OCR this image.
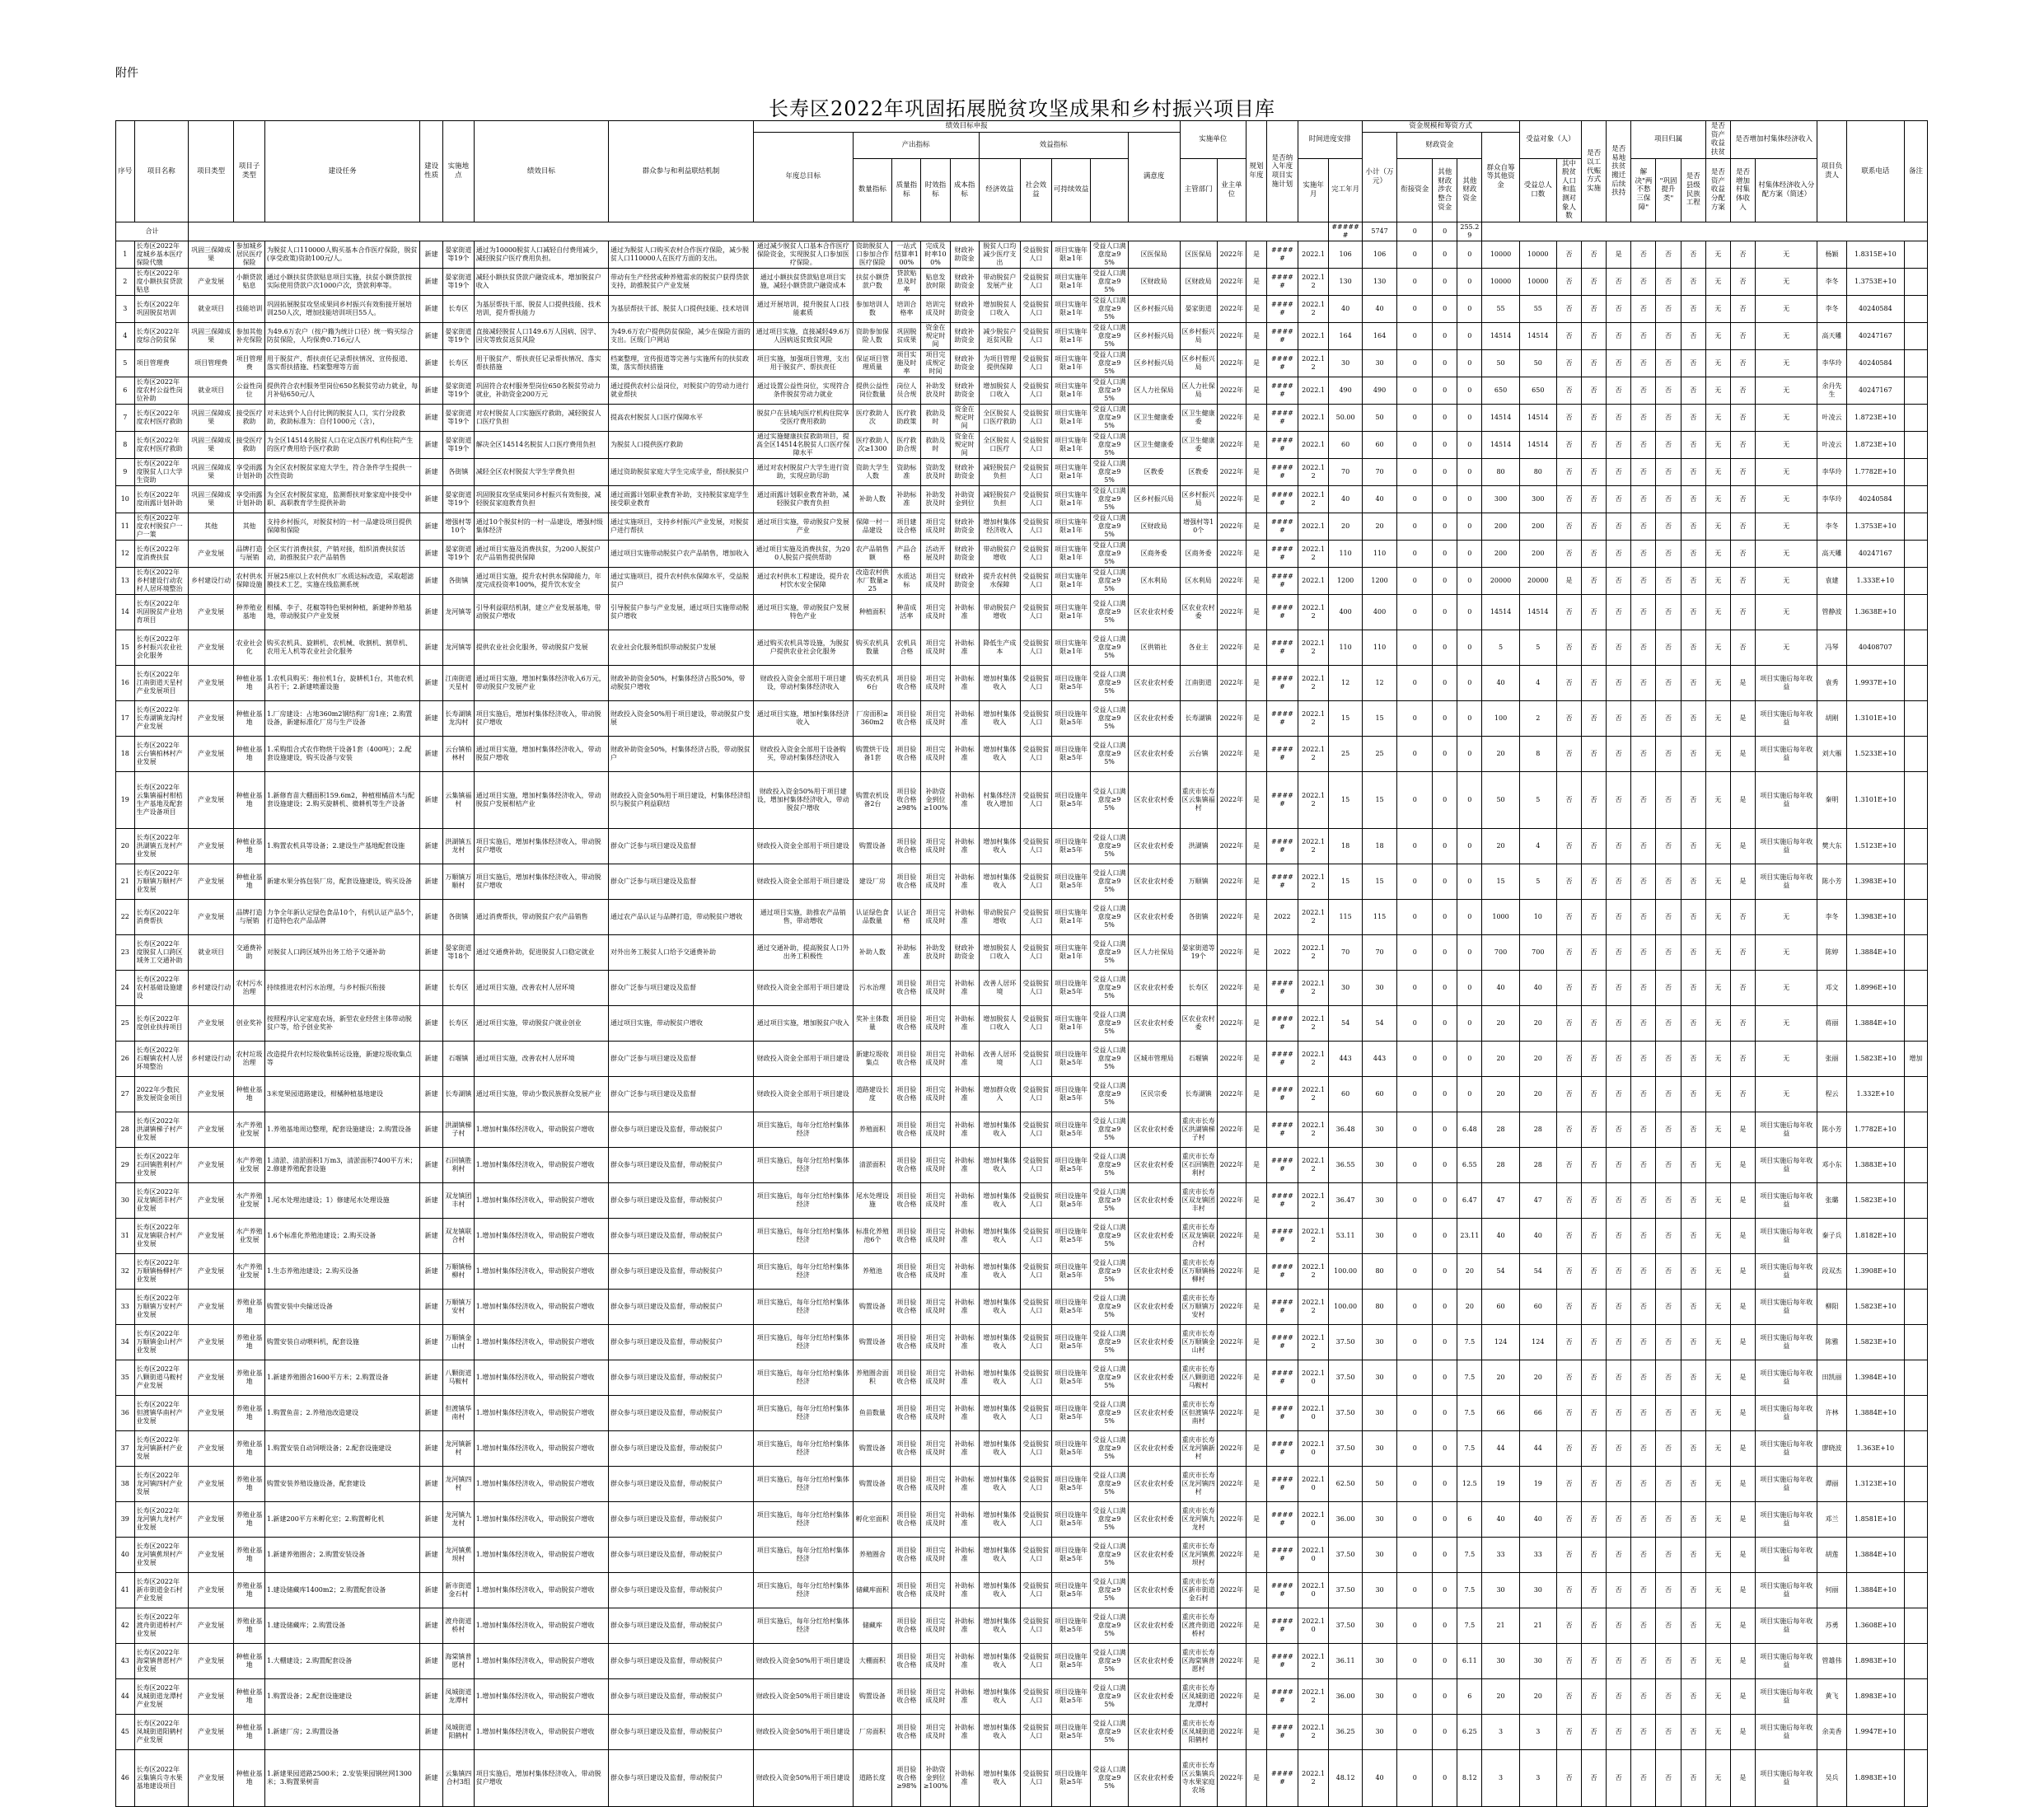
附件
长寿区2022年巩固拓展脱贫攻坚成果和乡村振兴项目库
序号	项目名称	项目类型	项目子类型	建设任务	建设性质	实施地点	绩效目标	群众参与和利益联结机制	绩效目标申报										实施单位		规划年度	是否纳入年度项目实施计划	时间进度安排		资金规模和筹资方式					受益对象（人）		是否以工代赈方式实施	是否易地扶贫搬迁后续扶持	项目归属			是否资产收益扶贫	是否增加村集体经济收入		项目负责人	联系电话	备注
									年度总目标	产出指标				效益指标				满意度							小计（万元）	财政资金			群众自筹等其他资金													
										数量指标	质量指标	时效指标	成本指标	经济效益	社会效益	可持续效益			主管部门	业主单位			实施年月	完工年月		衔接资金	其他财政涉农整合资金	其他财政资金		受益总人口数	其中脱贫人口和监测对象人数			解决"两不愁三保障"	"巩固提升类"	是否县级民族工程	是否资产收益分配方案	是否增加村集体收入	村集体经济收入分配方案（简述）			

合计																								######	5747	0	0	255.29														
1	长寿区2022年度城乡基本医疗保险代缴	巩固三保障成果	参加城乡居民医疗保险	为脱贫人口110000人购买基本合作医疗保险，脱贫(享受政策)资助100元/人。	新建	晏家街道等19个	通过为10000脱贫人口减轻自付费用减少，减轻脱贫户医疗费用负担。	通过为脱贫人口购买农村合作医疗保险，减少脱贫人口110000人在医疗方面的支出。	通过减少脱贫人口基本合作医疗保险资金，实现脱贫人口参加医疗保险。	资助脱贫人口参加合作医疗保险	一站式结算率100%	完成及时率100%	财政补助资金	脱贫人口均减少医疗支出	受益脱贫人口	项目实施年限≥1年	受益人口满意度≥95%	区医保局	区医保局	2022年	是	#####	2022.1	106	106	0	0	0	10000	10000	否	否	是	否	否	否	无	否	无	杨颖	1.8315E+10	
2	长寿区2022年度小额扶贫贷款贴息	产业发展	小额贷款贴息	通过小额扶贫贷款贴息项目实施，扶贫小额贷款按实际使用贷款户次1000户次，贷款利率等。	新建	晏家街道等19个	减轻小额扶贫贷款户融资成本，增加脱贫户收入	带动有生产经营或种养殖需求的脱贫户获得贷款支持，助推脱贫户产业发展	通过小额扶贫贷款贴息项目实施，减轻小额贷款户融资成本	扶贫小额贷款户数	贷款贴息及时率	贴息发放时限	财政补助资金	带动脱贫户发展产业	受益脱贫人口	项目实施年限≥1年	受益人口满意度≥95%	区财政局	区财政局	2022年	是	#####	2022.12	130	130	0	0	0	10000	10000	否	否	否	否	否	否	无	否	无	李冬	1.3753E+10	
3	长寿区2022年巩固脱贫培训	就业项目	技能培训	巩固拓展脱贫攻坚成果同乡村振兴有效衔接开展培训250人次，增加技能培训项目55人。	新建	长寿区	为基层帮扶干部、脱贫人口提供技能、技术培训，提升帮扶能力	为基层帮扶干部、脱贫人口提供技能、技术培训	通过开展培训，提升脱贫人口技能素质	参加培训人数	培训合格率	培训完成及时	财政补助资金	增加脱贫人口收入	受益脱贫人口	项目实施年限≥1年	受益人口满意度≥95%	区乡村振兴局	晏家街道	2022年	是	#####	2022.12	40	40	0	0	0	55	55	否	否	否	否	否	否	无	否	无	李冬	40240584	
4	长寿区2022年度综合防贫保	巩固三保障成果	参加其他补充保险	为49.6万农户（按户籍为统计口径）统一购买综合防贫保险，人均保费0.716元/人	新建	晏家街道等19个	直接减轻脱贫人口149.6万人因病、因学、因灾等致贫返贫风险	为49.6万农户提供防贫保险，减少在保险方面的支出。区级门户网站	通过项目实施，直接减轻49.6万人因病返贫致贫风险	资助参加保险人数	巩固脱贫成果	资金在规定时间	财政补助资金	减少脱贫户返贫风险	受益脱贫人口	项目实施年限≥1年	受益人口满意度≥95%	区乡村振兴局	区乡村振兴局	2022年	是	#####	2022.1	164	164	0	0	0	14514	14514	否	否	否	否	否	否	无	否	无	高天雕	40247167	
5	项目管理费	项目管理费	项目管理费	用于脱贫产、帮扶责任记录帮扶情况、宣传报道、落实帮扶措施、档案整理等方面	新建	长寿区	用于脱贫产、帮扶责任记录帮扶情况、落实帮扶措施	档案整理，宣传报道等完善与实施所有的扶贫政策，落实帮扶措施	项目实施，加强项目管理，支出用于脱贫产、帮扶责任	保证项目管理质量	项目实施及时率	项目完成规定时间	财政补助资金	为项目管理提供保障	受益脱贫人口	项目实施年限≥1年	受益人口满意度≥95%	区乡村振兴局	区乡村振兴局	2022年	是	#####	2022.12	30	30	0	0	0	50	50	否	否	否	否	否	否	无	否	无	李华玲	40240584	
6	长寿区2022年度农村公益性岗位补助	就业项目	公益性岗位	提供符合农村服务型岗位650名脱贫劳动力就业，每月补贴650元/人	新建	晏家街道等19个	巩固符合农村服务型岗位650名脱贫劳动力就业，补助资金200万元	通过提供农村公益岗位，对脱贫户的劳动力进行就业帮扶	通过设置公益性岗位，实现符合条件脱贫劳动力就业	提供公益性岗位数量	岗位人员合规	补助发放及时	财政补助资金	增加脱贫人口收入	受益脱贫人口	项目实施年限≥1年	受益人口满意度≥95%	区人力社保局	区人力社保局	2022年	是	#####	2022.1	490	490	0	0	0	650	650	否	否	否	否	否	否	无	否	无	余丹先生	40247167	
7	长寿区2022年度农村医疗救助	巩固三保障成果	接受医疗救助	对未达到个人自付比例的脱贫人口，实行分段救助，救助标准为：自付1000元（含），	新建	晏家街道等19个	对农村脱贫人口实施医疗救助，减轻脱贫人口医疗负担	提高农村脱贫人口医疗保障水平	脱贫户在县域内医疗机构住院享受医疗费用救助	医疗救助人次	医疗救助政策	救助及时	资金在规定时间	全区脱贫人口医疗救助	受益脱贫人口	项目实施年限≥1年	受益人口满意度≥95%	区卫生健康委	区卫生健康委	2022年	是	#####	2022.1	50.00	50	0	0	0	14514	14514	否	否	否	否	否	否	无	否	无	叶凌云	1.8723E+10	
8	长寿区2022年度农村医疗救助	巩固三保障成果	接受医疗救助	为全区14514名脱贫人口在定点医疗机构住院产生的医疗费用给予医疗救助	新建	晏家街道等19个	解决全区14514名脱贫人口医疗费用负担	为脱贫人口提供医疗救助	通过实施健康扶贫救助项目，提高全区14514名脱贫人口医疗保障水平	医疗救助人次≥1300	医疗救助合规	救助及时	资金在规定时间	全区脱贫人口医疗	受益脱贫人口	项目实施年限≥1年	受益人口满意度≥95%	区卫生健康委	区卫生健康委	2022年	是	#####	2022.1	60	60	0	0	0	14514	14514	否	否	否	否	否	否	无	否	无	叶凌云	1.8723E+10	
9	长寿区2022年度脱贫人口大学生资助	巩固三保障成果	享受雨露计划补助	为全区农村脱贫家庭大学生，符合条件学生提供一次性资助	新建	各街镇	减轻全区农村脱贫大学生学费负担	通过资助脱贫家庭大学生完成学业，帮扶脱贫户	通过对农村脱贫户大学生进行资助，实现应助尽助	资助大学生人数	资助标准	资助发放及时	财政补助资金	减轻脱贫户负担	受益脱贫人口	项目实施年限≥1年	受益人口满意度≥95%	区教委	区教委	2022年	是	#####	2022.12	70	70	0	0	0	80	80	否	否	否	否	否	否	无	否	无	李华玲	1.7782E+10	
10	长寿区2022年度雨露计划补助	巩固三保障成果	享受雨露计划补助	为全区农村脱贫家庭，监测帮扶对象家庭中接受中职、高职教育学生提供补助	新建	晏家街道等19个	巩固脱贫攻坚成果同乡村振兴有效衔接，减轻脱贫家庭教育负担	通过雨露计划职业教育补助，支持脱贫家庭学生接受职业教育	通过雨露计划职业教育补助，减轻脱贫户教育负担	补助人数	补助标准	补助发放及时	补助资金到位	减轻脱贫户负担	受益脱贫人口	项目实施年限≥1年	受益人口满意度≥95%	区乡村振兴局	区乡村振兴局	2022年	是	#####	2022.12	40	40	0	0	0	300	300	否	否	否	否	否	否	无	否	无	李华玲	40240584	
11	长寿区2022年度农村脱贫户一户一策	其他	其他	支持乡村振兴，对脱贫村的一村一品建设项目提供保障和保险	新建	增强村等10个	通过10个脱贫村的一村一品建设，增强村级集体经济	通过实施项目，支持乡村振兴产业发展，对脱贫户进行帮扶	通过项目实施，带动脱贫户发展产业	保障一村一品建设	项目建设合格	项目完成及时	财政补助资金	增加村集体经济收入	受益脱贫人口	项目实施年限≥1年	受益人口满意度≥95%	区财政局	增强村等10个	2022年	是	#####	2022.1	20	20	0	0	0	200	200	否	否	否	否	否	否	无	否	无	李冬	1.3753E+10	
12	长寿区2022年度消费扶贫	产业发展	品牌打造与展销	全区实行消费扶贫，产销对接，组织消费扶贫活动，助推脱贫户农产品销售	新建	晏家街道等19个	通过项目实施及消费扶贫，为200人脱贫户农产品销售提供保障	通过项目实施带动脱贫户农产品销售，增加收入	通过项目实施及消费扶贫，为200人脱贫户提供帮助	农产品销售额	产品合格	活动开展及时	财政补助资金	带动脱贫户增收	受益脱贫人口	项目实施年限≥1年	受益人口满意度≥95%	区商务委	区商务委	2022年	是	#####	2022.12	110	110	0	0	0	200	200	否	否	否	否	否	否	无	否	无	高天雕	40247167	
13	长寿区2022年乡村建设行动农村人居环境整治	乡村建设行动	农村供水保障设施	开展25座以上农村供水厂水质达标改造，采取超滤膜技术工艺，实施在线监测系统	新建	各街镇	通过项目实施，提升农村供水保障能力，年度完成投资率100%，提升饮水安全	通过实施项目，提升农村供水保障水平，受益脱贫户	通过农村供水工程建设，提升农村饮水安全保障	改造农村供水厂数量≥25	水质达标	项目完成及时	财政补助资金	提升农村供水保障	受益脱贫人口	项目实施年限≥1年	受益人口满意度≥95%	区水利局	区水利局	2022年	是	#####	2022.1	1200	1200	0	0	0	20000	20000	是	否	否	否	否	否	无	否	无	袁建	1.333E+10	
14	长寿区2022年巩固脱贫产业培育项目	产业发展	种养殖业基地	柑橘、李子、花椒等特色果树种植，新建种养殖基地，带动脱贫户产业发展	新建	龙河镇等	引导利益联结机制，建立产业发展基地，带动脱贫户增收	引导脱贫户参与产业发展，通过项目实施带动脱贫户增收	通过项目实施，带动脱贫户发展特色产业	种植面积	种苗成活率	项目完成及时	补助标准	带动脱贫户增收	受益脱贫人口	项目实施年限≥1年	受益人口满意度≥95%	区农业农村委	区农业农村委	2022年	是	#####	2022.12	400	400	0	0	0	14514	14514	否	否	否	否	否	否	无	否	无	管静波	1.3638E+10	
15	长寿区2022年乡村振兴农业社会化服务	产业发展	农业社会化	购买农机具、旋耕机、农机械、收割机、割草机、农用无人机等农业社会化服务	新建	龙河镇等	提供农业社会化服务，带动脱贫户发展	农业社会化服务组织带动脱贫户发展	通过购买农机具等设施，为脱贫户提供农业社会化服务	购买农机具数量	农机具合格	项目完成及时	补助标准	降低生产成本	受益脱贫人口	项目实施年限≥1年	受益人口满意度≥95%	区供销社	各业主	2022年	是	#####	2022.12	110	110	0	0	0	5	5	否	否	否	否	否	否	无	否	无	冯琴	40408707	
16	长寿区2022年江南街道天星村产业发展项目	产业发展	种植业基地	1.农机具购买：拖拉机1台，旋耕机1台，其他农机具若干；2.新建喷灌设施	新建	江南街道天星村	通过项目实施，增加村集体经济收入6万元，带动脱贫户发展产业	财政补助资金50%，村集体经济占股50%，带动脱贫户增收	财政投入资金全部用于项目建设，带动村集体经济收入	购买农机具6台	项目验收合格	项目完成及时	补助标准	增加村集体收入	受益脱贫人口	项目设施年限≥5年	受益人口满意度≥95%	区农业农村委	江南街道	2022年	是	#####	2022.12	12	12	0	0	0	40	4	否	否	否	否	否	否	无	是	项目实施后每年收益	袁秀	1.9937E+10	
17	长寿区2022年长寿湖镇龙沟村产业发展	产业发展	种植业基地	1.厂房建设：占地360m2钢结构厂房1座；2.购置设备，新建标准化厂房与生产设备	新建	长寿湖镇龙沟村	项目实施后，增加村集体经济收入，带动脱贫户增收	财政投入资金50%用于项目建设，带动脱贫户发展	通过项目实施，增加村集体经济收入	厂房面积≥360m2	项目验收合格	项目完成及时	补助标准	增加村集体收入	受益脱贫人口	项目设施年限≥5年	受益人口满意度≥95%	区农业农村委	长寿湖镇	2022年	是	#####	2022.12	15	15	0	0	0	100	2	否	否	否	否	否	否	无	是	项目实施后每年收益	胡刚	1.3101E+10	
18	长寿区2022年云台镇柏林村产业发展	产业发展	种植业基地	1.采购组合式农作物烘干设备1套（400吨）；2.配套设施建设，购买设备与安装	新建	云台镇柏林村	通过项目实施，增加村集体经济收入，带动脱贫户增收	财政补助资金50%，村集体经济占股，带动脱贫户	财政投入资金全部用于设备购买，带动村集体经济收入	购置烘干设备1套	项目验收合格	项目完成及时	补助标准	增加村集体收入	受益脱贫人口	项目设施年限≥5年	受益人口满意度≥95%	区农业农村委	云台镇	2022年	是	#####	2022.12	25	25	0	0	0	20	8	否	否	否	否	否	否	无	是	项目实施后每年收益	刘大雁	1.5233E+10	
19	长寿区2022年云集镇福村柑桔生产基地及配套生产设备项目	产业发展	种植业基地	1.新修育苗大棚面积159.6m2，种植柑橘苗木与配套设施建设；2.购买旋耕机、微耕机等生产设备	新建	云集镇福村	通过项目实施，增加村集体经济收入，带动脱贫户发展柑桔产业	财政投入资金50%用于项目建设，村集体经济组织与脱贫户利益联结	财政投入资金50%用于项目建设，增加村集体经济收入，带动脱贫户增收	购置农机设备2台	项目验收合格≥98%	补助资金到位≥100%	补助标准	村集体经济收入增加	受益脱贫人口	项目设施年限≥5年	受益人口满意度≥95%	区农业农村委	重庆市长寿区云集镇福村	2022年	是	#####	2022.12	15	15	0	0	0	50	5	否	否	否	否	否	否	无	是	项目实施后每年收益	秦明	1.3101E+10	
20	长寿区2022年洪湖镇五龙村产业发展	产业发展	种植业基地	1.购置农机具等设备；2.建设生产基地配套设施	新建	洪湖镇五龙村	项目实施后，增加村集体经济收入，带动脱贫户增收	群众广泛参与项目建设及监督	财政投入资金全部用于项目建设	购置设备	项目验收合格	项目完成及时	补助标准	增加村集体收入	受益脱贫人口	项目设施年限≥5年	受益人口满意度≥95%	区农业农村委	洪湖镇	2022年	是	#####	2022.12	18	18	0	0	0	20	4	否	否	否	否	否	否	无	是	项目实施后每年收益	樊大东	1.5123E+10	
21	长寿区2022年万顺镇万顺村产业发展	产业发展	种植业基地	新建水果分拣包装厂房，配套设施建设，购买设备	新建	万顺镇万顺村	项目实施后，增加村集体经济收入，带动脱贫户增收	群众广泛参与项目建设及监督	财政投入资金全部用于项目建设	建设厂房	项目验收合格	项目完成及时	补助标准	增加村集体收入	受益脱贫人口	项目设施年限≥5年	受益人口满意度≥95%	区农业农村委	万顺镇	2022年	是	#####	2022.12	15	15	0	0	0	15	5	否	否	否	否	否	否	无	是	项目实施后每年收益	陈小芳	1.3983E+10	
22	长寿区2022年消费帮扶	产业发展	品牌打造与展销	力争全年新认定绿色食品10个，有机认证产品5个，打造特色农产品品牌	新建	各街镇	通过消费帮扶，带动脱贫户农产品销售	通过农产品认证与品牌打造，带动脱贫户增收	通过项目实施，助推农产品销售，带动增收	认证绿色食品数量	认证合格	项目完成及时	补助标准	带动脱贫户增收	受益脱贫人口	项目实施年限≥1年	受益人口满意度≥95%	区农业农村委	各街镇	2022年	是	2022	2022.12	115	115	0	0	0	1000	10	否	否	否	否	否	否	无	否	无	李冬	1.3983E+10	
23	长寿区2022年度脱贫人口跨区域务工交通补助	就业项目	交通费补助	对脱贫人口跨区域外出务工给予交通补助	新建	晏家街道等18个	通过交通费补助，促进脱贫人口稳定就业	对外出务工脱贫人口给予交通费补助	通过交通补助，提高脱贫人口外出务工积极性	补助人数	补助标准	补助发放及时	财政补助资金	增加脱贫人口收入	受益脱贫人口	项目实施年限≥1年	受益人口满意度≥95%	区人力社保局	晏家街道等19个	2022年	是	2022	2022.12	70	70	0	0	0	700	700	否	否	否	否	否	否	无	否	无	陈婷	1.3884E+10	
24	长寿区2022年农村基础设施建设	乡村建设行动	农村污水治理	持续推进农村污水治理，与乡村振兴衔接	新建	长寿区	通过项目实施，改善农村人居环境	群众广泛参与项目建设及监督	财政投入资金全部用于项目建设	污水治理	项目验收合格	项目完成及时	补助标准	改善人居环境	受益脱贫人口	项目设施年限≥5年	受益人口满意度≥95%	区农业农村委	长寿区	2022年	是	#####	2022.12	30	30	0	0	0	40	40	否	否	否	否	否	否	无	否	无	邓文	1.8996E+10	
25	长寿区2022年度创业扶持项目	产业发展	创业奖补	按照程序认定家庭农场，新型农业经营主体带动脱贫户等，给予创业奖补	新建	长寿区	通过项目实施，带动脱贫户就业创业	通过项目实施，带动脱贫户增收	通过项目实施，增加脱贫户收入	奖补主体数量	项目验收合格	项目完成及时	补助标准	增加脱贫人口收入	受益脱贫人口	项目实施年限≥1年	受益人口满意度≥95%	区农业农村委	区农业农村委	2022年	是	#####	2022.12	54	54	0	0	0	20	20	否	否	否	否	否	否	无	否	无	蒋丽	1.3884E+10	
26	长寿区2022年石堰镇农村人居环境整治	乡村建设行动	农村垃圾治理	改造提升农村垃圾收集转运设施，新建垃圾收集点等	新建	石堰镇	通过项目实施，改善农村人居环境	群众广泛参与项目建设及监督	财政投入资金全部用于项目建设	新建垃圾收集点	项目验收合格	项目完成及时	补助标准	改善人居环境	受益脱贫人口	项目设施年限≥5年	受益人口满意度≥95%	区城市管理局	石堰镇	2022年	是	#####	2022.12	443	443	0	0	0	20	20	否	否	否	否	否	否	无	否	无	张丽	1.5823E+10	增加
27	2022年少数民族发展资金项目	产业发展	种植业基地	3米宽果园道路建设，柑橘种植基地建设	新建	长寿湖镇	通过项目实施，带动少数民族群众发展产业	群众广泛参与项目建设及监督	财政投入资金全部用于项目建设	道路建设长度	项目验收合格	项目完成及时	补助标准	增加群众收入	受益脱贫人口	项目设施年限≥5年	受益人口满意度≥95%	区民宗委	长寿湖镇	2022年	是	#####	2022.12	60	60	0	0	0	20	20	否	否	否	否	否	否	无	否	无	程云	1.332E+10	
28	长寿区2022年洪湖镇梯子村产业发展	产业发展	水产养殖业发展	1.养殖基地周边整理，配套设施建设；2.购置设备	新建	洪湖镇梯子村	1.增加村集体经济收入，带动脱贫户增收	群众参与项目建设及监督，带动脱贫户	项目实施后，每年分红给村集体经济	养殖面积	项目验收合格	项目完成及时	补助标准	增加村集体收入	受益脱贫人口	项目设施年限≥5年	受益人口满意度≥95%	区农业农村委	重庆市长寿区洪湖镇梯子村	2022年	是	#####	2022.12	36.48	30	0	0	6.48	28	28	否	否	否	否	否	否	无	是	项目实施后每年收益	陈小芳	1.7782E+10	
29	长寿区2022年石回镇胜利村产业发展	产业发展	水产养殖业发展	1.清淤、清淤面积1万m3，清淤面积7400平方米；2.修建养殖配套设施	新建	石回镇胜利村	1.增加村集体经济收入，带动脱贫户增收	群众参与项目建设及监督，带动脱贫户	项目实施后，每年分红给村集体经济	清淤面积	项目验收合格	项目完成及时	补助标准	增加村集体收入	受益脱贫人口	项目设施年限≥5年	受益人口满意度≥95%	区农业农村委	重庆市长寿区石回镇胜利村	2022年	是	#####	2022.12	36.55	30	0	0	6.55	28	28	否	否	否	否	否	否	无	是	项目实施后每年收益	邓小东	1.3883E+10	
30	长寿区2022年双龙镇团丰村产业发展	产业发展	水产养殖业发展	1.尾水处理池建设；1）修建尾水处理设施	新建	双龙镇团丰村	1.增加村集体经济收入，带动脱贫户增收	群众参与项目建设及监督，带动脱贫户	项目实施后，每年分红给村集体经济	尾水处理设施	项目验收合格	项目完成及时	补助标准	增加村集体收入	受益脱贫人口	项目设施年限≥5年	受益人口满意度≥95%	区农业农村委	重庆市长寿区双龙镇团丰村	2022年	是	#####	2022.12	36.47	30	0	0	6.47	47	47	否	否	否	否	否	否	无	是	项目实施后每年收益	张璐	1.5823E+10	
31	长寿区2022年双龙镇联合村产业发展	产业发展	水产养殖业发展	1.6个标准化养殖池建设；2.购买设备	新建	双龙镇联合村	1.增加村集体经济收入，带动脱贫户增收	群众参与项目建设及监督，带动脱贫户	项目实施后，每年分红给村集体经济	标准化养殖池6个	项目验收合格	项目完成及时	补助标准	增加村集体收入	受益脱贫人口	项目设施年限≥5年	受益人口满意度≥95%	区农业农村委	重庆市长寿区双龙镇联合村	2022年	是	#####	2022.12	53.11	30	0	0	23.11	40	40	否	否	否	否	否	否	无	是	项目实施后每年收益	秦子兵	1.8182E+10	
32	长寿区2022年万顺镇杨柳村产业发展	产业发展	水产养殖业发展	1.生态养殖池建设；2.购买设备	新建	万顺镇杨柳村	1.增加村集体经济收入，带动脱贫户增收	群众参与项目建设及监督，带动脱贫户	项目实施后，每年分红给村集体经济	养殖池	项目验收合格	项目完成及时	补助标准	增加村集体收入	受益脱贫人口	项目设施年限≥5年	受益人口满意度≥95%	区农业农村委	重庆市长寿区万顺镇杨柳村	2022年	是	#####	2022.12	100.00	80	0	0	20	54	54	否	否	否	否	否	否	无	是	项目实施后每年收益	段双杰	1.3908E+10	
33	长寿区2022年万顺镇万安村产业发展	产业发展	养殖业基地	购置安装中央输送设备	新建	万顺镇万安村	1.增加村集体经济收入，带动脱贫户增收	群众参与项目建设及监督，带动脱贫户	项目实施后，每年分红给村集体经济	购置设备	项目验收合格	项目完成及时	补助标准	增加村集体收入	受益脱贫人口	项目设施年限≥5年	受益人口满意度≥95%	区农业农村委	重庆市长寿区万顺镇万安村	2022年	是	#####	2022.12	100.00	80	0	0	20	60	60	否	否	否	否	否	否	无	是	项目实施后每年收益	柳阳	1.5823E+10	
34	长寿区2022年万顺镇金山村产业发展	产业发展	养殖业基地	购置安装自动喂料机，配套设施	新建	万顺镇金山村	1.增加村集体经济收入，带动脱贫户增收	群众参与项目建设及监督，带动脱贫户	项目实施后，每年分红给村集体经济	购置设备	项目验收合格	项目完成及时	补助标准	增加村集体收入	受益脱贫人口	项目设施年限≥5年	受益人口满意度≥95%	区农业农村委	重庆市长寿区万顺镇金山村	2022年	是	#####	2022.12	37.50	30	0	0	7.5	124	124	否	否	否	否	否	否	无	是	项目实施后每年收益	陈雅	1.5823E+10	
35	长寿区2022年八颗街道马鞍村产业发展	产业发展	养殖业基地	1.新建养殖圈舍1600平方米；2.购置设备	新建	八颗街道马鞍村	1.增加村集体经济收入，带动脱贫户增收	群众参与项目建设及监督，带动脱贫户	项目实施后，每年分红给村集体经济	养殖圈舍面积	项目验收合格	项目完成及时	补助标准	增加村集体收入	受益脱贫人口	项目设施年限≥5年	受益人口满意度≥95%	区农业农村委	重庆市长寿区八颗街道马鞍村	2022年	是	#####	2022.10	37.50	30	0	0	7.5	20	20	否	否	否	否	否	否	无	是	项目实施后每年收益	田凯丽	1.3984E+10	
36	长寿区2022年但渡镇华南村产业发展	产业发展	养殖业基地	1.购置鱼苗；2.养殖池改造建设	新建	但渡镇华南村	1.增加村集体经济收入，带动脱贫户增收	群众参与项目建设及监督，带动脱贫户	项目实施后，每年分红给村集体经济	鱼苗数量	项目验收合格	项目完成及时	补助标准	增加村集体收入	受益脱贫人口	项目设施年限≥5年	受益人口满意度≥95%	区农业农村委	重庆市长寿区但渡镇华南村	2022年	是	#####	2022.10	37.50	30	0	0	7.5	66	66	否	否	否	否	否	否	无	是	项目实施后每年收益	许林	1.3884E+10	
37	长寿区2022年龙河镇新村产业发展	产业发展	养殖业基地	1.购置安装自动饲喂设备；2.配套设施建设	新建	龙河镇新村	1.增加村集体经济收入，带动脱贫户增收	群众参与项目建设及监督，带动脱贫户	项目实施后，每年分红给村集体经济	购置设备	项目验收合格	项目完成及时	补助标准	增加村集体收入	受益脱贫人口	项目设施年限≥5年	受益人口满意度≥95%	区农业农村委	重庆市长寿区龙河镇新村	2022年	是	#####	2022.10	37.50	30	0	0	7.5	44	44	否	否	否	否	否	否	无	是	项目实施后每年收益	廖晓波	1.363E+10	
38	长寿区2022年龙河镇四村产业发展	产业发展	养殖业基地	购置安装养殖设施设备，配套建设	新建	龙河镇四村	1.增加村集体经济收入，带动脱贫户增收	群众参与项目建设及监督，带动脱贫户	项目实施后，每年分红给村集体经济	购置设备	项目验收合格	项目完成及时	补助标准	增加村集体收入	受益脱贫人口	项目设施年限≥5年	受益人口满意度≥95%	区农业农村委	重庆市长寿区龙河镇四村	2022年	是	#####	2022.10	62.50	50	0	0	12.5	19	19	否	否	否	否	否	否	无	是	项目实施后每年收益	谭丽	1.3123E+10	
39	长寿区2022年龙河镇九龙村产业发展	产业发展	养殖业基地	1.新建200平方米孵化室；2.购置孵化机	新建	龙河镇九龙村	1.增加村集体经济收入，带动脱贫户增收	群众参与项目建设及监督，带动脱贫户	项目实施后，每年分红给村集体经济	孵化室面积	项目验收合格	项目完成及时	补助标准	增加村集体收入	受益脱贫人口	项目设施年限≥5年	受益人口满意度≥95%	区农业农村委	重庆市长寿区龙河镇九龙村	2022年	是	#####	2022.10	36.00	30	0	0	6	40	40	否	否	否	否	否	否	无	是	项目实施后每年收益	邓兰	1.8581E+10	
40	长寿区2022年龙河镇蕉坝村产业发展	产业发展	养殖业基地	1.新建养殖圈舍；2.购置安装设备	新建	龙河镇蕉坝村	1.增加村集体经济收入，带动脱贫户增收	群众参与项目建设及监督，带动脱贫户	项目实施后，每年分红给村集体经济	养殖圈舍	项目验收合格	项目完成及时	补助标准	增加村集体收入	受益脱贫人口	项目设施年限≥5年	受益人口满意度≥95%	区农业农村委	重庆市长寿区龙河镇蕉坝村	2022年	是	#####	2022.10	37.50	30	0	0	7.5	33	33	否	否	否	否	否	否	无	是	项目实施后每年收益	胡莲	1.3884E+10	
41	长寿区2022年新市街道金石村产业发展	产业发展	养殖业基地	1.建设储藏库1400m2；2.购置配套设备	新建	新市街道金石村	1.增加村集体经济收入，带动脱贫户增收	群众参与项目建设及监督，带动脱贫户	项目实施后，每年分红给村集体经济	储藏库面积	项目验收合格	项目完成及时	补助标准	增加村集体收入	受益脱贫人口	项目设施年限≥5年	受益人口满意度≥95%	区农业农村委	重庆市长寿区新市街道金石村	2022年	是	#####	2022.10	37.50	30	0	0	7.5	30	30	否	否	否	否	否	否	无	是	项目实施后每年收益	何丽	1.3884E+10	
42	长寿区2022年渡舟街道桥村产业发展	产业发展	养殖业基地	1.建设储藏库；2.购置设备	新建	渡舟街道桥村	1.增加村集体经济收入，带动脱贫户增收	群众参与项目建设及监督，带动脱贫户	项目实施后，每年分红给村集体经济	储藏库	项目验收合格	项目完成及时	补助标准	增加村集体收入	受益脱贫人口	项目设施年限≥5年	受益人口满意度≥95%	区农业农村委	重庆市长寿区渡舟街道桥村	2022年	是	#####	2022.10	37.50	30	0	0	7.5	21	21	否	否	否	否	否	否	无	是	项目实施后每年收益	苏勇	1.3608E+10	
43	长寿区2022年海棠镇普愿村产业发展	产业发展	种植业基地	1.大棚建设；2.购置配套设备	新建	海棠镇普愿村	1.增加村集体经济收入，带动脱贫户增收	群众参与项目建设及监督，带动脱贫户	财政投入资金50%用于项目建设	大棚面积	项目验收合格	项目完成及时	补助标准	增加村集体收入	受益脱贫人口	项目设施年限≥5年	受益人口满意度≥95%	区农业农村委	重庆市长寿区海棠镇普愿村	2022年	是	#####	2022.12	36.11	30	0	0	6.11	30	30	否	否	否	否	否	否	无	是	项目实施后每年收益	管雄伟	1.8983E+10	
44	长寿区2022年凤城街道龙潭村产业发展	产业发展	种植业基地	1.购置设备；2.配套设施建设	新建	凤城街道龙潭村	1.增加村集体经济收入，带动脱贫户增收	群众参与项目建设及监督，带动脱贫户	财政投入资金50%用于项目建设	购置设备	项目验收合格	项目完成及时	补助标准	增加村集体收入	受益脱贫人口	项目设施年限≥5年	受益人口满意度≥95%	区农业农村委	重庆市长寿区凤城街道龙潭村	2022年	是	#####	2022.12	36.00	30	0	0	6	20	20	否	否	否	否	否	否	无	是	项目实施后每年收益	黄飞	1.8983E+10	
45	长寿区2022年凤城街道阳鹤村产业发展	产业发展	种植业基地	1.新建厂房；2.购置设备	新建	凤城街道阳鹤村	1.增加村集体经济收入，带动脱贫户增收	群众参与项目建设及监督，带动脱贫户	财政投入资金50%用于项目建设	厂房面积	项目验收合格	项目完成及时	补助标准	增加村集体收入	受益脱贫人口	项目设施年限≥5年	受益人口满意度≥95%	区农业农村委	重庆市长寿区凤城街道阳鹤村	2022年	是	#####	2022.12	36.25	30	0	0	6.25	3	3	否	否	否	否	否	否	无	是	项目实施后每年收益	余美香	1.9947E+10	
46	长寿区2022年云集镇兵寺水果基地建设项目	产业发展	种植业基地	1.新建果园道路2500米；2.安装果园钢丝网1300米；3.购置果树苗	新建	云集镇四合村3组	项目实施后，增加村集体经济收入，带动脱贫户增收	群众参与项目建设及监督，带动脱贫户	财政投入资金50%用于项目建设	道路长度	项目验收合格≥98%	补助资金到位≥100%	补助标准	增加村集体收入	受益脱贫人口	项目设施年限≥5年	受益人口满意度≥95%	区农业农村委	重庆市长寿区云集镇兵寺水果家庭农场	2022年	是	#####	2022.12	48.12	40	0	0	8.12	3	3	否	否	否	否	否	否	无	是	项目实施后每年收益	吴兵	1.8983E+10	
